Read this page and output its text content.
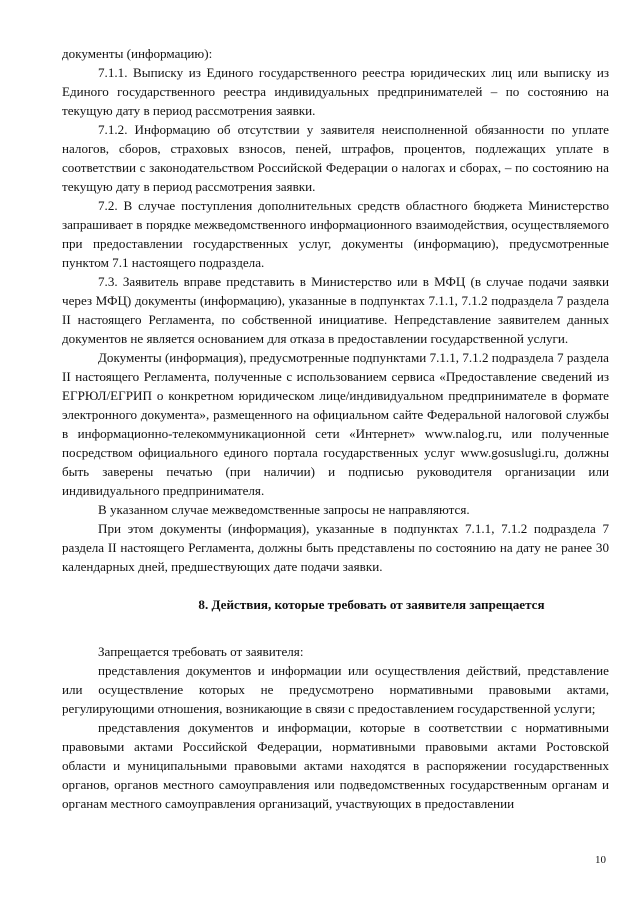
документы (информацию):

7.1.1. Выписку из Единого государственного реестра юридических лиц или выписку из Единого государственного реестра индивидуальных предпринимателей – по состоянию на текущую дату в период рассмотрения заявки.

7.1.2. Информацию об отсутствии у заявителя неисполненной обязанности по уплате налогов, сборов, страховых взносов, пеней, штрафов, процентов, подлежащих уплате в соответствии с законодательством Российской Федерации о налогах и сборах, – по состоянию на текущую дату в период рассмотрения заявки.

7.2. В случае поступления дополнительных средств областного бюджета Министерство запрашивает в порядке межведомственного информационного взаимодействия, осуществляемого при предоставлении государственных услуг, документы (информацию), предусмотренные пунктом 7.1 настоящего подраздела.

7.3. Заявитель вправе представить в Министерство или в МФЦ (в случае подачи заявки через МФЦ) документы (информацию), указанные в подпунктах 7.1.1, 7.1.2 подраздела 7 раздела II настоящего Регламента, по собственной инициативе. Непредставление заявителем данных документов не является основанием для отказа в предоставлении государственной услуги.

Документы (информация), предусмотренные подпунктами 7.1.1, 7.1.2 подраздела 7 раздела II настоящего Регламента, полученные с использованием сервиса «Предоставление сведений из ЕГРЮЛ/ЕГРИП о конкретном юридическом лице/индивидуальном предпринимателе в формате электронного документа», размещенного на официальном сайте Федеральной налоговой службы в информационно-телекоммуникационной сети «Интернет» www.nalog.ru, или полученные посредством официального единого портала государственных услуг www.gosuslugi.ru, должны быть заверены печатью (при наличии) и подписью руководителя организации или индивидуального предпринимателя.

В указанном случае межведомственные запросы не направляются.

При этом документы (информация), указанные в подпунктах 7.1.1, 7.1.2 подраздела 7 раздела II настоящего Регламента, должны быть представлены по состоянию на дату не ранее 30 календарных дней, предшествующих дате подачи заявки.

8. Действия, которые требовать от заявителя запрещается

Запрещается требовать от заявителя:

представления документов и информации или осуществления действий, представление или осуществление которых не предусмотрено нормативными правовыми актами, регулирующими отношения, возникающие в связи с предоставлением государственной услуги;

представления документов и информации, которые в соответствии с нормативными правовыми актами Российской Федерации, нормативными правовыми актами Ростовской области и муниципальными правовыми актами находятся в распоряжении государственных органов, органов местного самоуправления или подведомственных государственным органам и органам местного самоуправления организаций, участвующих в предоставлении

10
